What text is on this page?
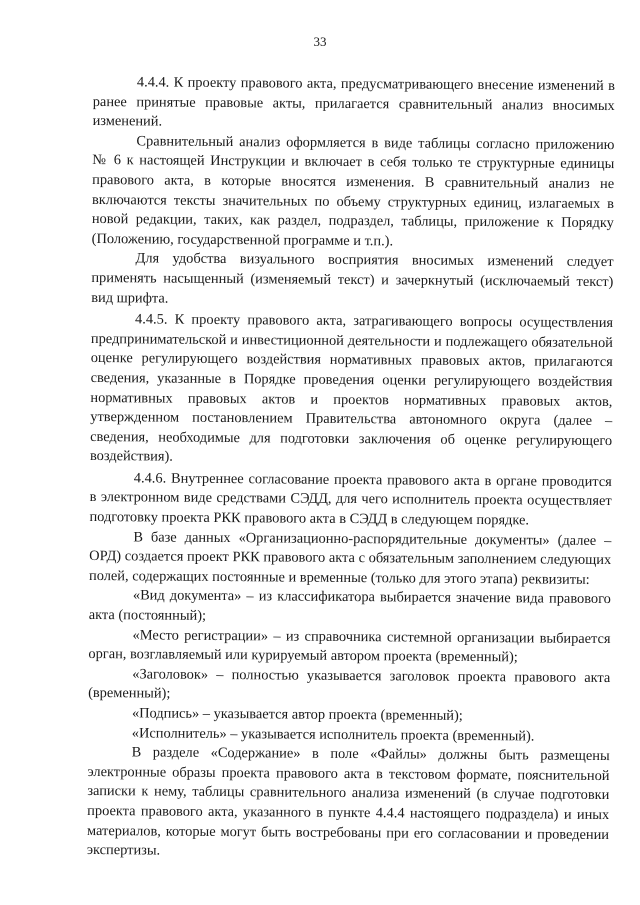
33

4.4.4. К проекту правового акта, предусматривающего внесение изменений в ранее принятые правовые акты, прилагается сравнительный анализ вносимых изменений.

Сравнительный анализ оформляется в виде таблицы согласно приложению № 6 к настоящей Инструкции и включает в себя только те структурные единицы правового акта, в которые вносятся изменения. В сравнительный анализ не включаются тексты значительных по объему структурных единиц, излагаемых в новой редакции, таких, как раздел, подраздел, таблицы, приложение к Порядку (Положению, государственной программе и т.п.).

Для удобства визуального восприятия вносимых изменений следует применять насыщенный (изменяемый текст) и зачеркнутый (исключаемый текст) вид шрифта.

4.4.5. К проекту правового акта, затрагивающего вопросы осуществления предпринимательской и инвестиционной деятельности и подлежащего обязательной оценке регулирующего воздействия нормативных правовых актов, прилагаются сведения, указанные в Порядке проведения оценки регулирующего воздействия нормативных правовых актов и проектов нормативных правовых актов, утвержденном постановлением Правительства автономного округа (далее – сведения, необходимые для подготовки заключения об оценке регулирующего воздействия).

4.4.6. Внутреннее согласование проекта правового акта в органе проводится в электронном виде средствами СЭДД, для чего исполнитель проекта осуществляет подготовку проекта РКК правового акта в СЭДД в следующем порядке.

В базе данных «Организационно-распорядительные документы» (далее – ОРД) создается проект РКК правового акта с обязательным заполнением следующих полей, содержащих постоянные и временные (только для этого этапа) реквизиты:

«Вид документа» – из классификатора выбирается значение вида правового акта (постоянный);

«Место регистрации» – из справочника системной организации выбирается орган, возглавляемый или курируемый автором проекта (временный);

«Заголовок» – полностью указывается заголовок проекта правового акта (временный);

«Подпись» – указывается автор проекта (временный);

«Исполнитель» – указывается исполнитель проекта (временный).

В разделе «Содержание» в поле «Файлы» должны быть размещены электронные образы проекта правового акта в текстовом формате, пояснительной записки к нему, таблицы сравнительного анализа изменений (в случае подготовки проекта правового акта, указанного в пункте 4.4.4 настоящего подраздела) и иных материалов, которые могут быть востребованы при его согласовании и проведении экспертизы.
